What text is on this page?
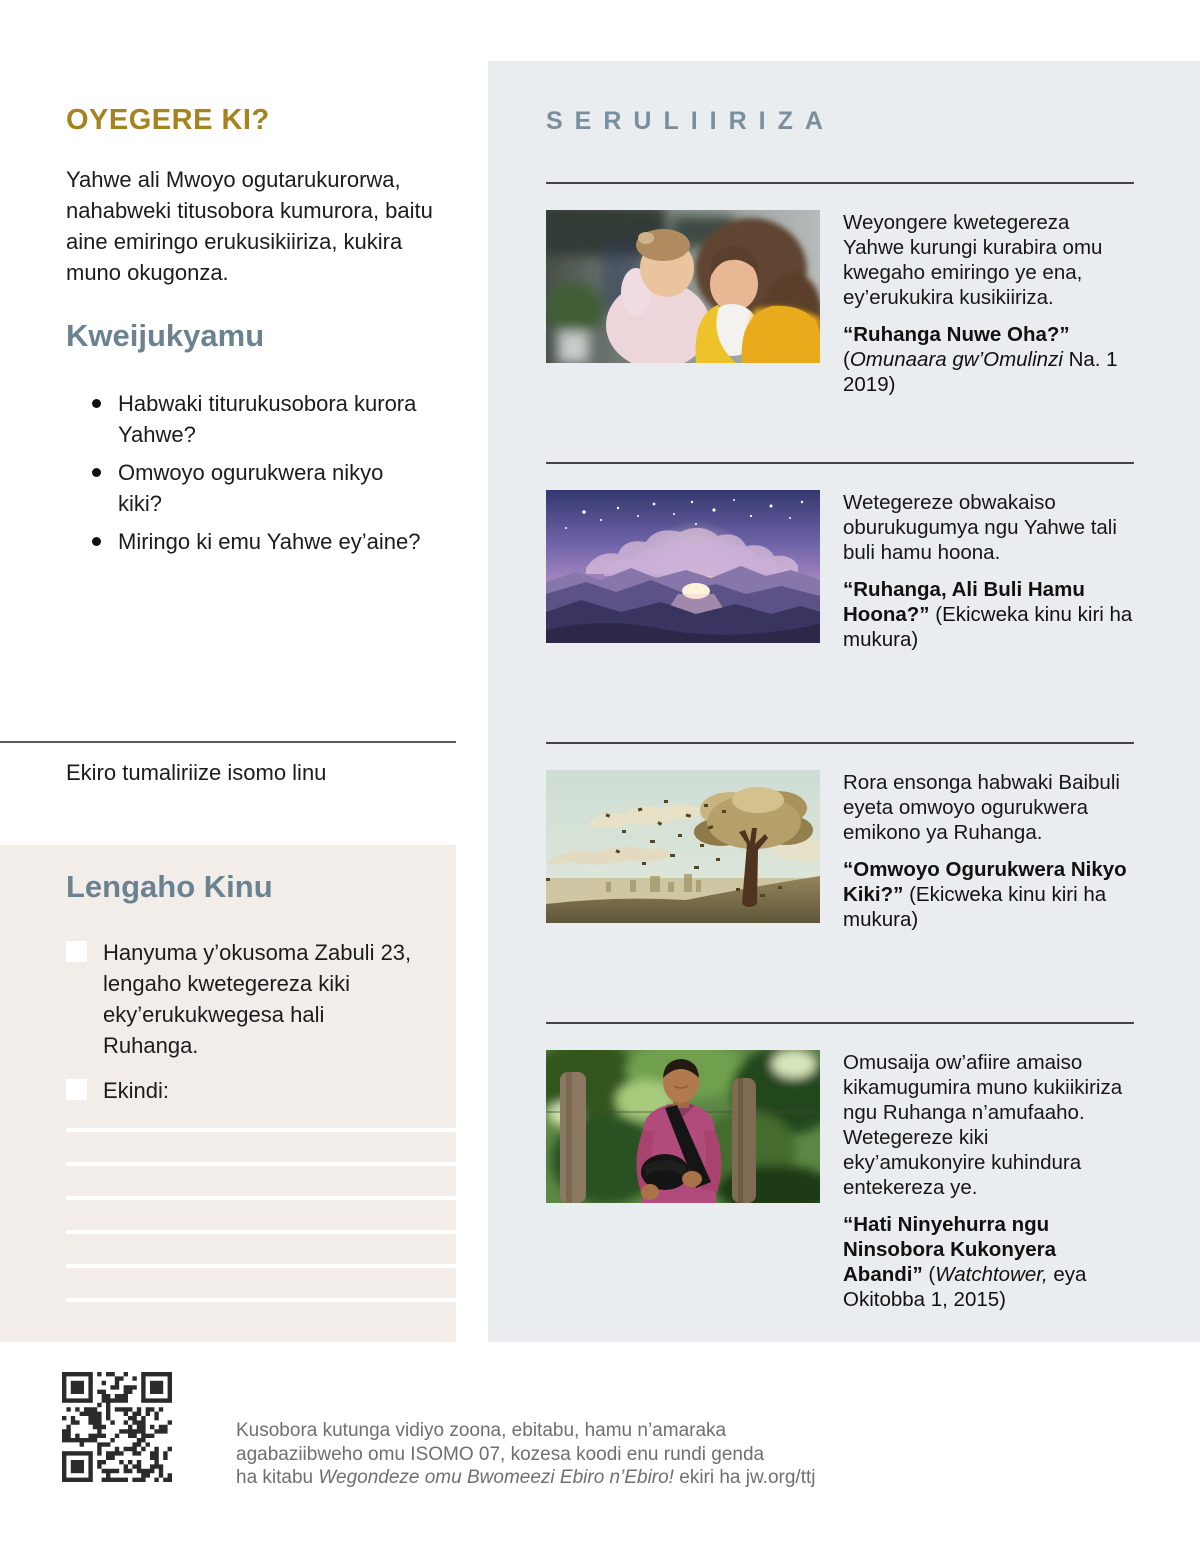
OYEGERE KI?

Yahwe ali Mwoyo ogutarukurorwa, nahabweki titusobora kumurora, baitu aine emiringo erukusikiiriza, kukira muno okugonza.

Kweijukyamu
Habwaki titurukusobora kurora Yahwe?
Omwoyo ogurukwera nikyo kiki?
Miringo ki emu Yahwe ey’aine?

Ekiro tumaliriize isomo linu

Lengaho Kinu
Hanyuma y’okusoma Zabuli 23, lengaho kwetegereza kiki eky’erukukwegesa hali Ruhanga.
Ekindi:
SERULIIRIZA

Weyongere kwetegereza Yahwe kurungi kurabira omu kwegaho emiringo ye ena, ey’erukukira kusikiiriza.

“Ruhanga Nuwe Oha?” (Omunaara gw’Omulinzi Na. 1 2019)

Wetegereze obwakaiso oburukugumya ngu Yahwe tali buli hamu hoona.

“Ruhanga, Ali Buli Hamu Hoona?” (Ekicweka kinu kiri ha mukura)

Rora ensonga habwaki Baibuli eyeta omwoyo ogurukwera emikono ya Ruhanga.

“Omwoyo Ogurukwera Nikyo Kiki?” (Ekicweka kinu kiri ha mukura)

Omusaija ow’afiire amaiso kikamugumira muno kukiikiriza ngu Ruhanga n’amufaaho. Wetegereze kiki eky’amukonyire kuhindura entekereza ye.

“Hati Ninyehurra ngu Ninsobora Kukonyera Abandi” (Watchtower, eya Okitobba 1, 2015)

Kusobora kutunga vidiyo zoona, ebitabu, hamu n’amaraka
agabaziibweho omu ISOMO 07, kozesa koodi enu rundi genda
ha kitabu Wegondeze omu Bwomeezi Ebiro n’Ebiro! ekiri ha jw.org/ttj
